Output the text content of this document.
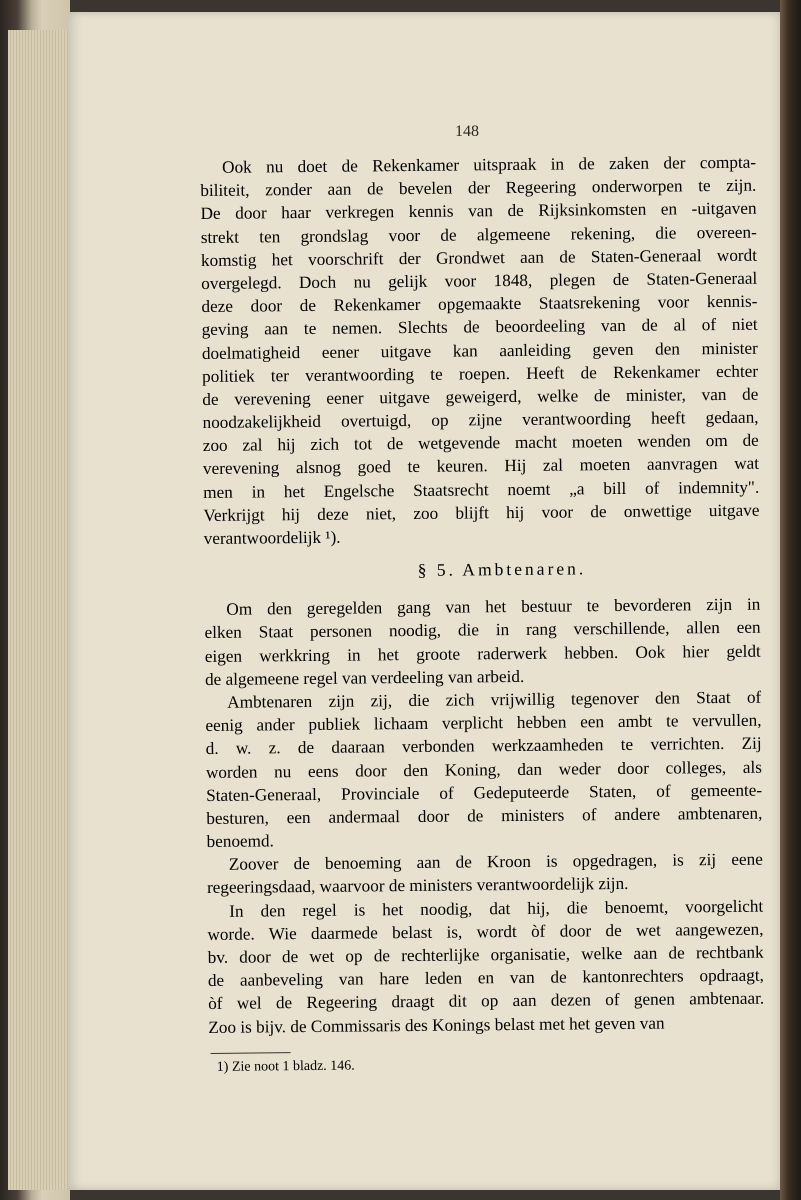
148
Ook nu doet de Rekenkamer uitspraak in de zaken der compta-
biliteit, zonder aan de bevelen der Regeering onderworpen te zijn.
De door haar verkregen kennis van de Rijksinkomsten en -uitgaven
strekt ten grondslag voor de algemeene rekening, die overeen-
komstig het voorschrift der Grondwet aan de Staten-Generaal wordt
overgelegd. Doch nu gelijk voor 1848, plegen de Staten-Generaal
deze door de Rekenkamer opgemaakte Staatsrekening voor kennis-
geving aan te nemen. Slechts de beoordeeling van de al of niet
doelmatigheid eener uitgave kan aanleiding geven den minister
politiek ter verantwoording te roepen. Heeft de Rekenkamer echter
de verevening eener uitgave geweigerd, welke de minister, van de
noodzakelijkheid overtuigd, op zijne verantwoording heeft gedaan,
zoo zal hij zich tot de wetgevende macht moeten wenden om de
verevening alsnog goed te keuren. Hij zal moeten aanvragen wat
men in het Engelsche Staatsrecht noemt „a bill of indemnity".
Verkrijgt hij deze niet, zoo blijft hij voor de onwettige uitgave
verantwoordelijk ¹).
§ 5. Ambtenaren.
Om den geregelden gang van het bestuur te bevorderen zijn in
elken Staat personen noodig, die in rang verschillende, allen een
eigen werkkring in het groote raderwerk hebben. Ook hier geldt
de algemeene regel van verdeeling van arbeid.
Ambtenaren zijn zij, die zich vrijwillig tegenover den Staat of
eenig ander publiek lichaam verplicht hebben een ambt te vervullen,
d. w. z. de daaraan verbonden werkzaamheden te verrichten. Zij
worden nu eens door den Koning, dan weder door colleges, als
Staten-Generaal, Provinciale of Gedeputeerde Staten, of gemeente-
besturen, een andermaal door de ministers of andere ambtenaren,
benoemd.
Zoover de benoeming aan de Kroon is opgedragen, is zij eene
regeeringsdaad, waarvoor de ministers verantwoordelijk zijn.
In den regel is het noodig, dat hij, die benoemt, voorgelicht
worde. Wie daarmede belast is, wordt òf door de wet aangewezen,
bv. door de wet op de rechterlijke organisatie, welke aan de rechtbank
de aanbeveling van hare leden en van de kantonrechters opdraagt,
òf wel de Regeering draagt dit op aan dezen of genen ambtenaar.
Zoo is bijv. de Commissaris des Konings belast met het geven van
1) Zie noot 1 bladz. 146.
